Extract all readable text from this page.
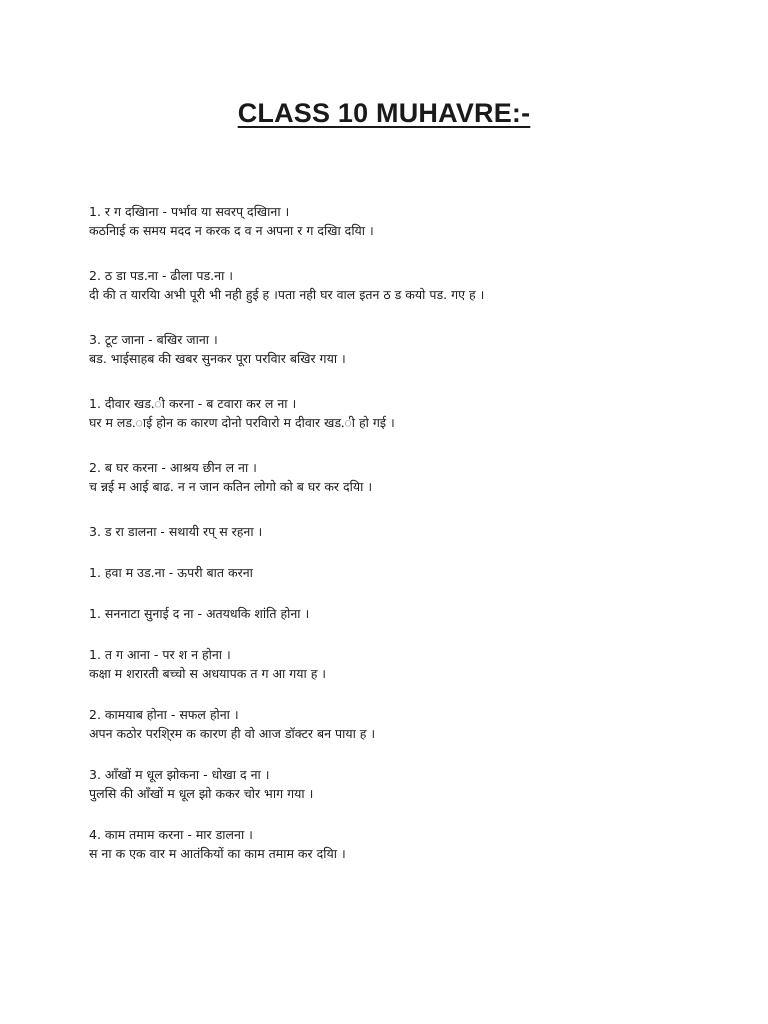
CLASS 10 MUHAVRE:-
1. र ग दखिाना - पर्भाव या सवरप् दखिाना ।
कठनािई क समय मदद न करक द व न अपना र ग दखिा दयिा ।
2. ठ डा पड.ना - ढीला पड.ना ।
दी की त यारयिा अभी पूरी भी नही हुई ह ।पता नही घर वाल इतन ठ ड कयो पड. गए ह ।
3. टूट जाना - बखिर जाना ।
बड. भाईसाहब की खबर सुनकर पूरा परविार बखिर गया ।
1. दीवार खड.ी करना - ब टवारा कर ल ना ।
घर म लड.ाई होन क कारण दोनो परविारो म दीवार खड.ी हो गई ।
2. ब घर करना - आश्रय छीन ल ना ।
च न्नई म आई बाढ. न न जान कतिन लोगो को ब घर कर दयिा ।
3. ड रा डालना - सथायी रप् स रहना ।
1. हवा म उड.ना - ऊपरी बात करना
1. सननाटा सुनाई द ना - अतयधकि शांति होना ।
1. त ग आना - पर श न होना ।
कक्षा म शरारती बच्चो स अधयापक त ग आ गया ह ।
2. कामयाब होना - सफल होना ।
अपन कठोर परशि्रम क कारण ही वो आज डॉक्टर बन पाया ह ।
3. आँखों म धूल झोकना - धोखा द ना ।
पुलसि की आँखों म धूल झो ककर चोर भाग गया ।
4. काम तमाम करना - मार डालना ।
स ना क एक वार म आतंकियों का काम तमाम कर दयिा ।
